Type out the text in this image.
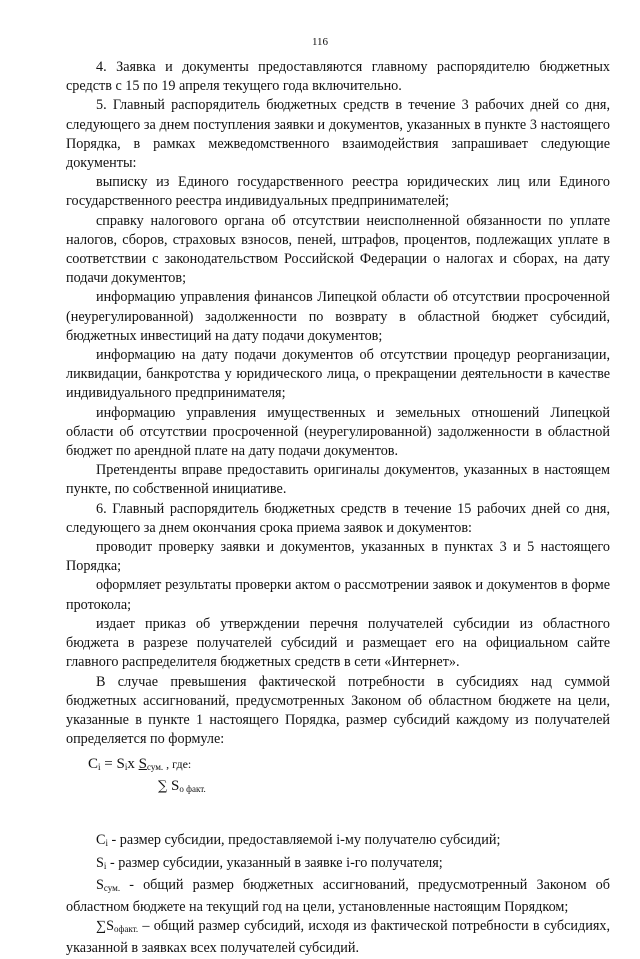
116

4. Заявка и документы предоставляются главному распорядителю бюджетных средств с 15 по 19 апреля текущего года включительно.

5. Главный распорядитель бюджетных средств в течение 3 рабочих дней со дня, следующего за днем поступления заявки и документов, указанных в пункте 3 настоящего Порядка, в рамках межведомственного взаимодействия запрашивает следующие документы:

выписку из Единого государственного реестра юридических лиц или Единого государственного реестра индивидуальных предпринимателей;

справку налогового органа об отсутствии неисполненной обязанности по уплате налогов, сборов, страховых взносов, пеней, штрафов, процентов, подлежащих уплате в соответствии с законодательством Российской Федерации о налогах и сборах, на дату подачи документов;

информацию управления финансов Липецкой области об отсутствии просроченной (неурегулированной) задолженности по возврату в областной бюджет субсидий, бюджетных инвестиций на дату подачи документов;

информацию на дату подачи документов об отсутствии процедур реорганизации, ликвидации, банкротства у юридического лица, о прекращении деятельности в качестве индивидуального предпринимателя;

информацию управления имущественных и земельных отношений Липецкой области об отсутствии просроченной (неурегулированной) задолженности в областной бюджет по арендной плате на дату подачи документов.

Претенденты вправе предоставить оригиналы документов, указанных в настоящем пункте, по собственной инициативе.

6. Главный распорядитель бюджетных средств в течение 15 рабочих дней со дня, следующего за днем окончания срока приема заявок и документов:

проводит проверку заявки и документов, указанных в пунктах 3 и 5 настоящего Порядка;

оформляет результаты проверки актом о рассмотрении заявок и документов в форме протокола;

издает приказ об утверждении перечня получателей субсидии из областного бюджета в разрезе получателей субсидий и размещает его на официальном сайте главного распределителя бюджетных средств в сети «Интернет».

В случае превышения фактической потребности в субсидиях над суммой бюджетных ассигнований, предусмотренных Законом об областном бюджете на цели, указанные в пункте 1 настоящего Порядка, размер субсидий каждому из получателей определяется по формуле:

$C_i = S_ix$ $S_{сум.}$ , где:
∑ $S_{o факт.}$

$C_i$ - размер субсидии, предоставляемой i-му получателю субсидий;

$S_i$ - размер субсидии, указанный в заявке i-го получателя;

$S_{сум.}$ - общий размер бюджетных ассигнований, предусмотренный Законом об областном бюджете на текущий год на цели, установленные настоящим Порядком;

$\sum S_{oфакт.}$ – общий размер субсидий, исходя из фактической потребности в субсидиях, указанной в заявках всех получателей субсидий.
